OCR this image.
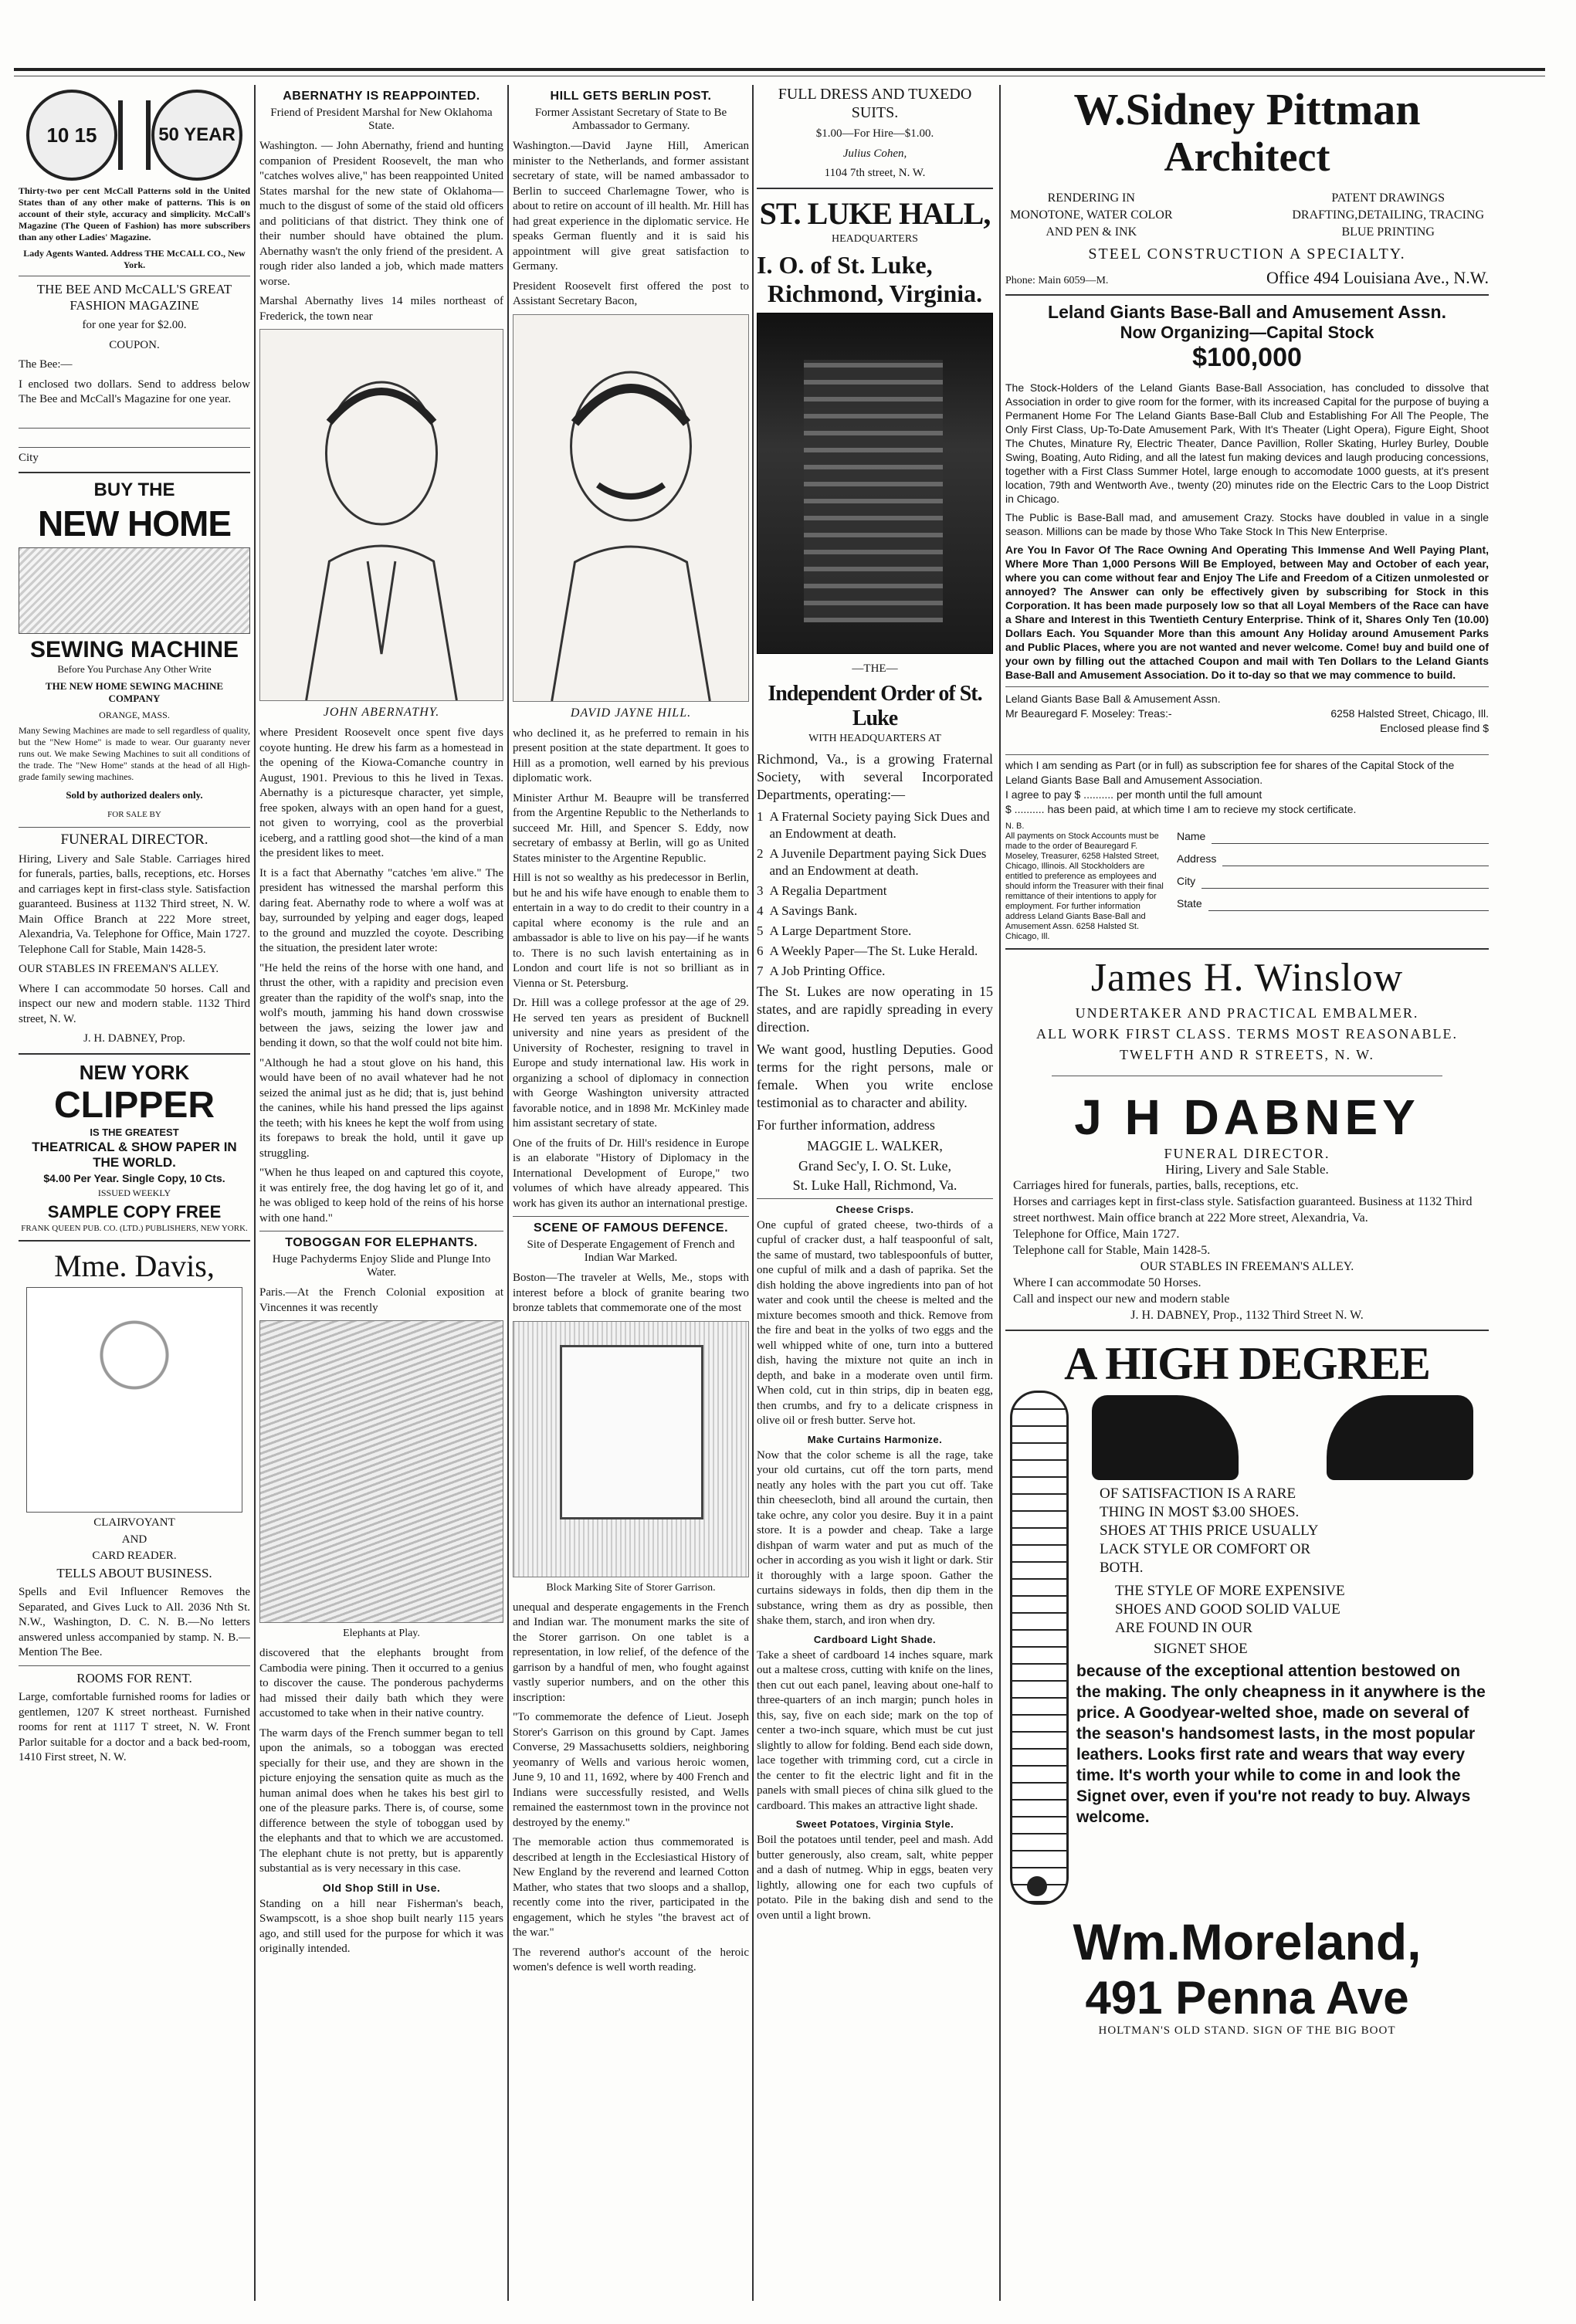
10 15	50 YEAR

Thirty-two per cent McCall Patterns sold in the United States than of any other make of patterns. This is on account of their style, accuracy and simplicity. McCall's Magazine (The Queen of Fashion) has more subscribers than any other Ladies' Magazine.

Lady Agents Wanted. Address THE McCALL CO., New York.

THE BEE AND McCALL'S GREAT FASHION MAGAZINE

for one year for $2.00.

COUPON.

The Bee:—

I enclosed two dollars. Send to address below The Bee and McCall's Magazine for one year.

City

BUY THE

NEW HOME
SEWING MACHINE

Before You Purchase Any Other Write

THE NEW HOME SEWING MACHINE COMPANY

ORANGE, MASS.

Many Sewing Machines are made to sell regardless of quality, but the "New Home" is made to wear. Our guaranty never runs out. We make Sewing Machines to suit all conditions of the trade. The "New Home" stands at the head of all High-grade family sewing machines.

Sold by authorized dealers only.

FOR SALE BY

FUNERAL DIRECTOR.

Hiring, Livery and Sale Stable. Carriages hired for funerals, parties, balls, receptions, etc. Horses and carriages kept in first-class style. Satisfaction guaranteed. Business at 1132 Third street, N. W. Main Office Branch at 222 More street, Alexandria, Va. Telephone for Office, Main 1727. Telephone Call for Stable, Main 1428-5.

OUR STABLES IN FREEMAN'S ALLEY.

Where I can accommodate 50 horses. Call and inspect our new and modern stable. 1132 Third street, N. W.

J. H. DABNEY, Prop.

NEW YORK

CLIPPER

IS THE GREATEST

THEATRICAL & SHOW PAPER IN THE WORLD.

$4.00 Per Year. Single Copy, 10 Cts.

ISSUED WEEKLY

SAMPLE COPY FREE

FRANK QUEEN PUB. CO. (LTD.) PUBLISHERS, NEW YORK.

Mme. Davis,

CLAIRVOYANT

AND

CARD READER.

TELLS ABOUT BUSINESS.

Spells and Evil Influencer Removes the Separated, and Gives Luck to All. 2036 Nth St. N.W., Washington, D. C. N. B.—No letters answered unless accompanied by stamp. N. B.—Mention The Bee.

ROOMS FOR RENT.

Large, comfortable furnished rooms for ladies or gentlemen, 1207 K street northeast. Furnished rooms for rent at 1117 T street, N. W. Front Parlor suitable for a doctor and a back bed-room, 1410 First street, N. W.

ABERNATHY IS REAPPOINTED.
Friend of President Marshal for New Oklahoma State.

Washington. — John Abernathy, friend and hunting companion of President Roosevelt, the man who "catches wolves alive," has been reappointed United States marshal for the new state of Oklahoma—much to the disgust of some of the staid old officers and politicians of that district. They think one of their number should have obtained the plum. Abernathy wasn't the only friend of the president. A rough rider also landed a job, which made matters worse.

Marshal Abernathy lives 14 miles northeast of Frederick, the town near

JOHN ABERNATHY.

where President Roosevelt once spent five days coyote hunting. He drew his farm as a homestead in the opening of the Kiowa-Comanche country in August, 1901. Previous to this he lived in Texas. Abernathy is a picturesque character, yet simple, free spoken, always with an open hand for a guest, not given to worrying, cool as the proverbial iceberg, and a rattling good shot—the kind of a man the president likes to meet.

It is a fact that Abernathy "catches 'em alive." The president has witnessed the marshal perform this daring feat. Abernathy rode to where a wolf was at bay, surrounded by yelping and eager dogs, leaped to the ground and muzzled the coyote. Describing the situation, the president later wrote:

"He held the reins of the horse with one hand, and thrust the other, with a rapidity and precision even greater than the rapidity of the wolf's snap, into the wolf's mouth, jamming his hand down crosswise between the jaws, seizing the lower jaw and bending it down, so that the wolf could not bite him.

"Although he had a stout glove on his hand, this would have been of no avail whatever had he not seized the animal just as he did; that is, just behind the canines, while his hand pressed the lips against the teeth; with his knees he kept the wolf from using its forepaws to break the hold, until it gave up struggling.

"When he thus leaped on and captured this coyote, it was entirely free, the dog having let go of it, and he was obliged to keep hold of the reins of his horse with one hand."

TOBOGGAN FOR ELEPHANTS.
Huge Pachyderms Enjoy Slide and Plunge Into Water.

Paris.—At the French Colonial exposition at Vincennes it was recently

Elephants at Play.

discovered that the elephants brought from Cambodia were pining. Then it occurred to a genius to discover the cause. The ponderous pachyderms had missed their daily bath which they were accustomed to take when in their native country.

The warm days of the French summer began to tell upon the animals, so a toboggan was erected specially for their use, and they are shown in the picture enjoying the sensation quite as much as the human animal does when he takes his best girl to one of the pleasure parks. There is, of course, some difference between the style of toboggan used by the elephants and that to which we are accustomed. The elephant chute is not pretty, but is apparently substantial as is very necessary in this case.

Old Shop Still in Use.

Standing on a hill near Fisherman's beach, Swampscott, is a shoe shop built nearly 115 years ago, and still used for the purpose for which it was originally intended.

HILL GETS BERLIN POST.
Former Assistant Secretary of State to Be Ambassador to Germany.

Washington.—David Jayne Hill, American minister to the Netherlands, and former assistant secretary of state, will be named ambassador to Berlin to succeed Charlemagne Tower, who is about to retire on account of ill health. Mr. Hill has had great experience in the diplomatic service. He speaks German fluently and it is said his appointment will give great satisfaction to Germany.

President Roosevelt first offered the post to Assistant Secretary Bacon,

DAVID JAYNE HILL.

who declined it, as he preferred to remain in his present position at the state department. It goes to Hill as a promotion, well earned by his previous diplomatic work.

Minister Arthur M. Beaupre will be transferred from the Argentine Republic to the Netherlands to succeed Mr. Hill, and Spencer S. Eddy, now secretary of embassy at Berlin, will go as United States minister to the Argentine Republic.

Hill is not so wealthy as his predecessor in Berlin, but he and his wife have enough to enable them to entertain in a way to do credit to their country in a capital where economy is the rule and an ambassador is able to live on his pay—if he wants to. There is no such lavish entertaining as in London and court life is not so brilliant as in Vienna or St. Petersburg.

Dr. Hill was a college professor at the age of 29. He served ten years as president of Bucknell university and nine years as president of the University of Rochester, resigning to travel in Europe and study international law. His work in organizing a school of diplomacy in connection with George Washington university attracted favorable notice, and in 1898 Mr. McKinley made him assistant secretary of state.

One of the fruits of Dr. Hill's residence in Europe is an elaborate "History of Diplomacy in the International Development of Europe," two volumes of which have already appeared. This work has given its author an international prestige.

SCENE OF FAMOUS DEFENCE.
Site of Desperate Engagement of French and Indian War Marked.

Boston—The traveler at Wells, Me., stops with interest before a block of granite bearing two bronze tablets that commemorate one of the most

Block Marking Site of Storer Garrison.

unequal and desperate engagements in the French and Indian war. The monument marks the site of the Storer garrison. On one tablet is a representation, in low relief, of the defence of the garrison by a handful of men, who fought against vastly superior numbers, and on the other this inscription:

"To commemorate the defence of Lieut. Joseph Storer's Garrison on this ground by Capt. James Converse, 29 Massachusetts soldiers, neighboring yeomanry of Wells and various heroic women, June 9, 10 and 11, 1692, where by 400 French and Indians were successfully resisted, and Wells remained the easternmost town in the province not destroyed by the enemy."

The memorable action thus commemorated is described at length in the Ecclesiastical History of New England by the reverend and learned Cotton Mather, who states that two sloops and a shallop, recently come into the river, participated in the engagement, which he styles "the bravest act of the war."

The reverend author's account of the heroic women's defence is well worth reading.

FULL DRESS AND TUXEDO SUITS.

$1.00—For Hire—$1.00.

Julius Cohen,

1104 7th street, N. W.

ST. LUKE HALL,

HEADQUARTERS

I. O. of St. Luke,
Richmond, Virginia.

—THE—

Independent Order of St. Luke

WITH HEADQUARTERS AT

Richmond, Va., is a growing Fraternal Society, with several Incorporated Departments, operating:—

1 A Fraternal Society paying Sick Dues and an Endowment at death.
2 A Juvenile Department paying Sick Dues and an Endowment at death.
3 A Regalia Department
4 A Savings Bank.
5 A Large Department Store.
6 A Weekly Paper—The St. Luke Herald.
7 A Job Printing Office.

The St. Lukes are now operating in 15 states, and are rapidly spreading in every direction.

We want good, hustling Deputies. Good terms for the right persons, male or female. When you write enclose testimonial as to character and ability.

For further information, address

MAGGIE L. WALKER,

Grand Sec'y, I. O. St. Luke,

St. Luke Hall, Richmond, Va.

Cheese Crisps.

One cupful of grated cheese, two-thirds of a cupful of cracker dust, a half teaspoonful of salt, the same of mustard, two tablespoonfuls of butter, one cupful of milk and a dash of paprika. Set the dish holding the above ingredients into pan of hot water and cook until the cheese is melted and the mixture becomes smooth and thick. Remove from the fire and beat in the yolks of two eggs and the well whipped white of one, turn into a buttered dish, having the mixture not quite an inch in depth, and bake in a moderate oven until firm. When cold, cut in thin strips, dip in beaten egg, then crumbs, and fry to a delicate crispness in olive oil or fresh butter. Serve hot.

Make Curtains Harmonize.

Now that the color scheme is all the rage, take your old curtains, cut off the torn parts, mend neatly any holes with the part you cut off. Take thin cheesecloth, bind all around the curtain, then take ochre, any color you desire. Buy it in a paint store. It is a powder and cheap. Take a large dishpan of warm water and put as much of the ocher in according as you wish it light or dark. Stir it thoroughly with a large spoon. Gather the curtains sideways in folds, then dip them in the substance, wring them as dry as possible, then shake them, starch, and iron when dry.

Cardboard Light Shade.

Take a sheet of cardboard 14 inches square, mark out a maltese cross, cutting with knife on the lines, then cut out each panel, leaving about one-half to three-quarters of an inch margin; punch holes in this, say, five on each side; mark on the top of center a two-inch square, which must be cut just slightly to allow for folding. Bend each side down, lace together with trimming cord, cut a circle in the center to fit the electric light and fit in the panels with small pieces of china silk glued to the cardboard. This makes an attractive light shade.

Sweet Potatoes, Virginia Style.

Boil the potatoes until tender, peel and mash. Add butter generously, also cream, salt, white pepper and a dash of nutmeg. Whip in eggs, beaten very lightly, allowing one for each two cupfuls of potato. Pile in the baking dish and send to the oven until a light brown.

W.Sidney Pittman
Architect
RENDERING IN
MONOTONE, WATER COLOR
AND PEN & INK
PATENT DRAWINGS
DRAFTING,DETAILING, TRACING
BLUE PRINTING
STEEL CONSTRUCTION A SPECIALTY.
Phone: Main 6059—M.	Office 494 Louisiana Ave., N.W.
Leland Giants Base-Ball and Amusement Assn.
Now Organizing—Capital Stock
$100,000

The Stock-Holders of the Leland Giants Base-Ball Association, has concluded to dissolve that Association in order to give room for the former, with its increased Capital for the purpose of buying a Permanent Home For The Leland Giants Base-Ball Club and Establishing For All The People, The Only First Class, Up-To-Date Amusement Park, With It's Theater (Light Opera), Figure Eight, Shoot The Chutes, Minature Ry, Electric Theater, Dance Pavillion, Roller Skating, Hurley Burley, Double Swing, Boating, Auto Riding, and all the latest fun making devices and laugh producing concessions, together with a First Class Summer Hotel, large enough to accomodate 1000 guests, at it's present location, 79th and Wentworth Ave., twenty (20) minutes ride on the Electric Cars to the Loop District in Chicago.

The Public is Base-Ball mad, and amusement Crazy. Stocks have doubled in value in a single season. Millions can be made by those Who Take Stock In This New Enterprise.

Are You In Favor Of The Race Owning And Operating This Immense And Well Paying Plant, Where More Than 1,000 Persons Will Be Employed, between May and October of each year, where you can come without fear and Enjoy The Life and Freedom of a Citizen unmolested or annoyed? The Answer can only be effectively given by subscribing for Stock in this Corporation. It has been made purposely low so that all Loyal Members of the Race can have a Share and Interest in this Twentieth Century Enterprise. Think of it, Shares Only Ten (10.00) Dollars Each. You Squander More than this amount Any Holiday around Amusement Parks and Public Places, where you are not wanted and never welcome. Come! buy and build one of your own by filling out the attached Coupon and mail with Ten Dollars to the Leland Giants Base-Ball and Amusement Association. Do it to-day so that we may commence to build.

Leland Giants Base Ball & Amusement Assn.
Mr Beauregard F. Moseley: Treas:-	6258 Halsted Street, Chicago, Ill.
Enclosed please find $
which I am sending as Part (or in full) as subscription fee for shares of the Capital Stock of the Leland Giants Base Ball and Amusement Association.
I agree to pay $ .......... per month until the full amount
$ .......... has been paid, at which time I am to recieve my stock certificate.
N. B.
All payments on Stock Accounts must be made to the order of Beauregard F. Moseley, Treasurer, 6258 Halsted Street, Chicago, Illinois. All Stockholders are entitled to preference as employees and should inform the Treasurer with their final remittance of their intentions to apply for employment. For further information address Leland Giants Base-Ball and Amusement Assn. 6258 Halsted St. Chicago, Ill.
Name
Address
City
State
James H. Winslow
UNDERTAKER AND PRACTICAL EMBALMER.
ALL WORK FIRST CLASS. TERMS MOST REASONABLE.
TWELFTH AND R STREETS, N. W.
J H DABNEY
FUNERAL DIRECTOR.
Hiring, Livery and Sale Stable.
Carriages hired for funerals, parties, balls, receptions, etc.
Horses and carriages kept in first-class style. Satisfaction guaranteed. Business at 1132 Third street northwest. Main office branch at 222 More street, Alexandria, Va.
Telephone for Office, Main 1727.
Telephone call for Stable, Main 1428-5.
OUR STABLES IN FREEMAN'S ALLEY.
Where I can accommodate 50 Horses.
Call and inspect our new and modern stable
J. H. DABNEY, Prop., 1132 Third Street N. W.
A HIGH DEGREE
OF SATISFACTION IS A RARE THING IN MOST $3.00 SHOES. SHOES AT THIS PRICE USUALLY LACK STYLE OR COMFORT OR BOTH.
THE STYLE OF MORE EXPENSIVE SHOES AND GOOD SOLID VALUE ARE FOUND IN OUR
SIGNET SHOE
because of the exceptional attention bestowed on the making. The only cheapness in it anywhere is the price. A Goodyear-welted shoe, made on several of the season's handsomest lasts, in the most popular leathers. Looks first rate and wears that way every time. It's worth your while to come in and look the Signet over, even if you're not ready to buy. Always welcome.
Wm.Moreland,
491 Penna Ave
HOLTMAN'S OLD STAND. SIGN OF THE BIG BOOT
